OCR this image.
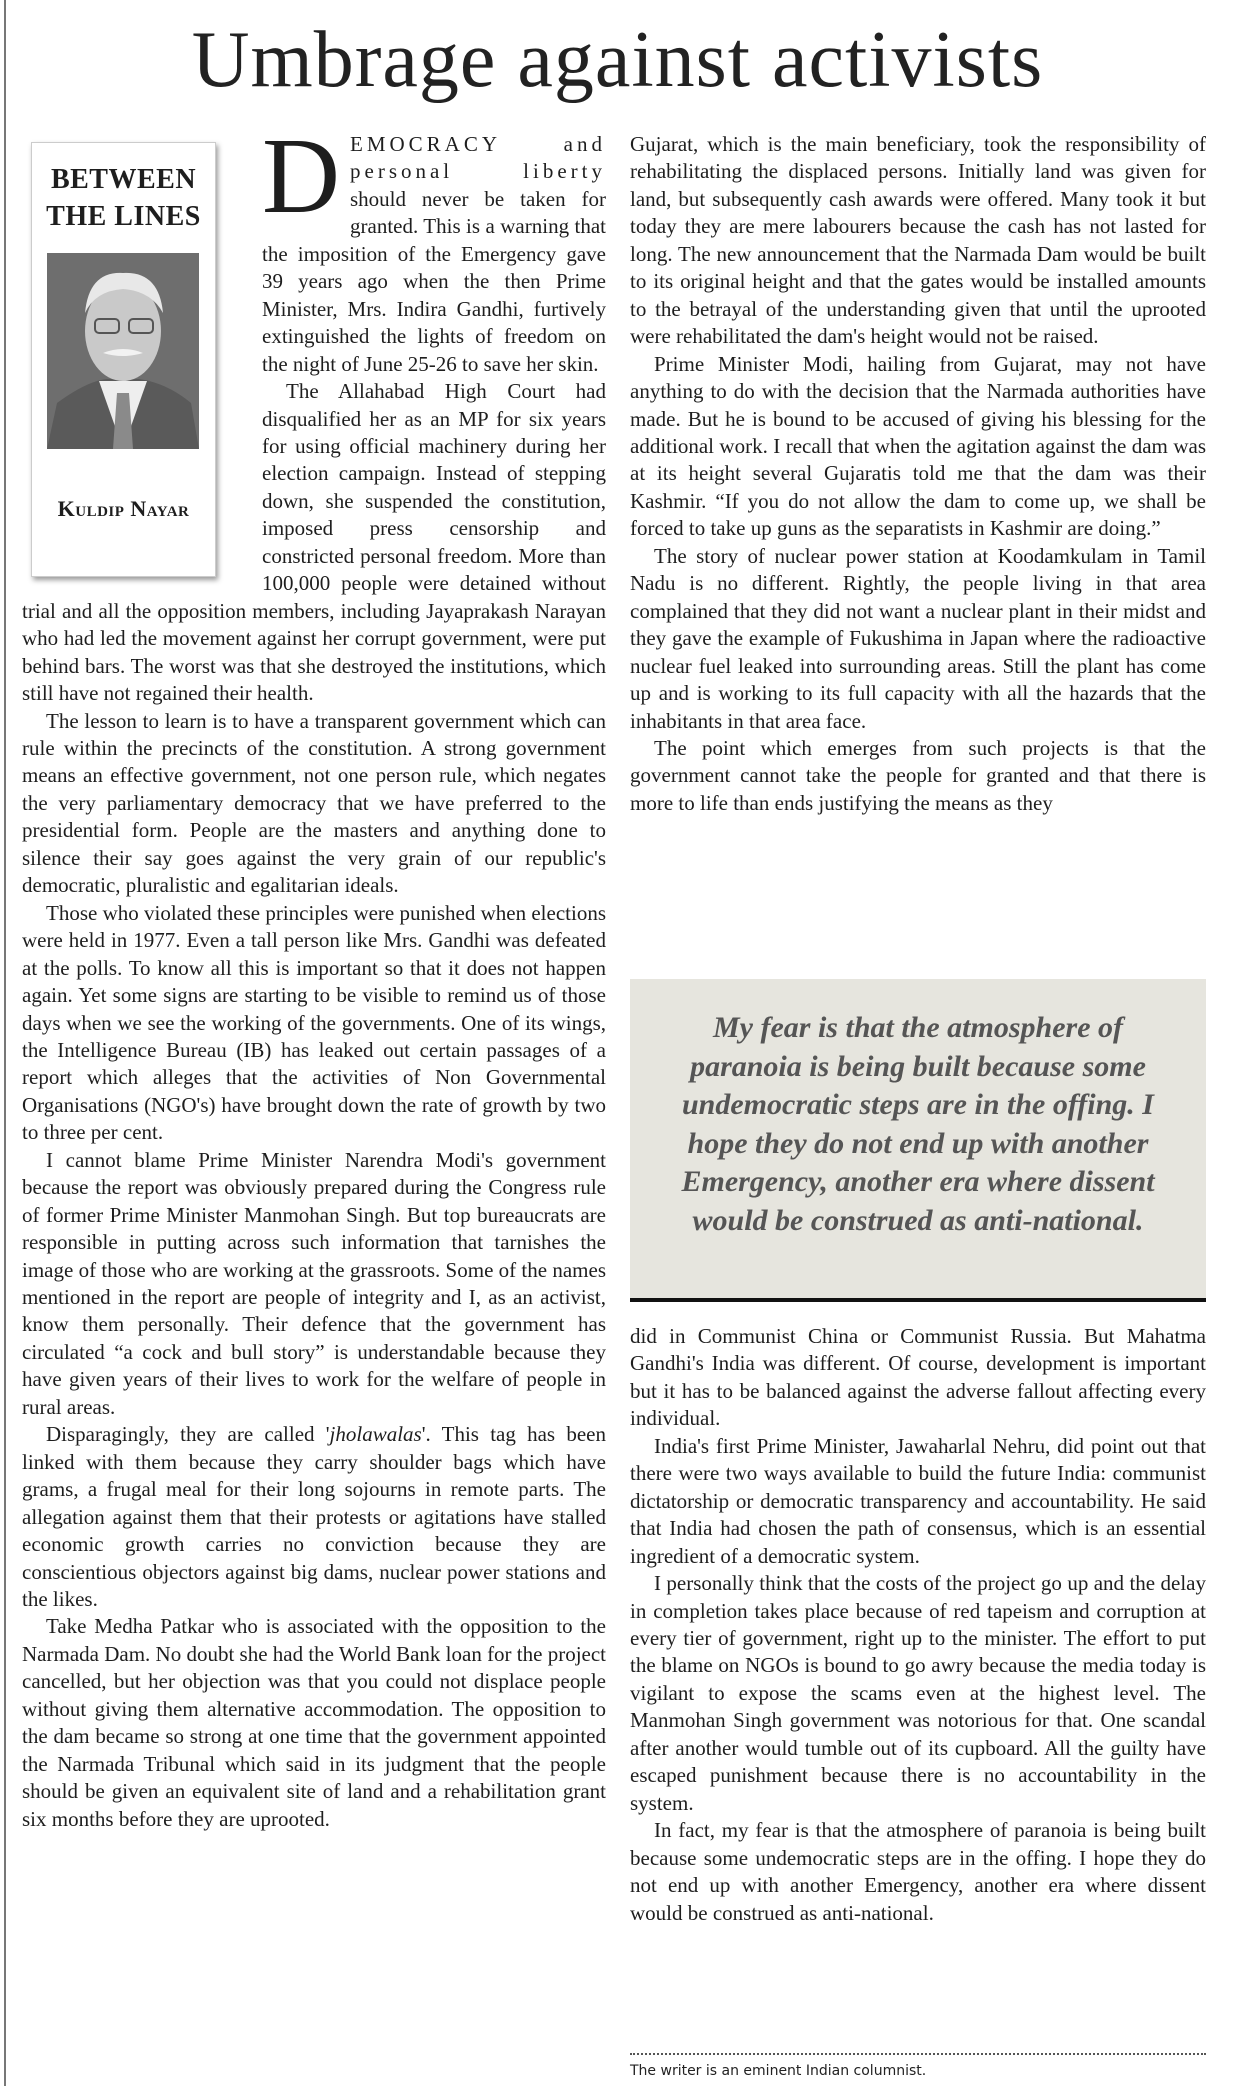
Umbrage against activists
BETWEEN
THE LINES
Kuldip Nayar

DEMOCRACY and personal liberty should never be taken for granted. This is a warning that the imposition of the Emergency gave 39 years ago when the then Prime Minister, Mrs. Indira Gandhi, furtively extinguished the lights of freedom on the night of June 25-26 to save her skin.

The Allahabad High Court had disqualified her as an MP for six years for using official machinery during her election campaign. Instead of stepping down, she suspended the constitution, imposed press censorship and constricted personal freedom. More than 100,000 people were detained without trial and all the opposition members, including Jayaprakash Narayan who had led the movement against her corrupt government, were put behind bars. The worst was that she destroyed the institutions, which still have not regained their health.

The lesson to learn is to have a transparent government which can rule within the precincts of the constitution. A strong government means an effective government, not one person rule, which negates the very parliamentary democracy that we have preferred to the presidential form. People are the masters and anything done to silence their say goes against the very grain of our republic's democratic, pluralistic and egalitarian ideals.

Those who violated these principles were punished when elections were held in 1977. Even a tall person like Mrs. Gandhi was defeated at the polls. To know all this is important so that it does not happen again. Yet some signs are starting to be visible to remind us of those days when we see the working of the governments. One of its wings, the Intelligence Bureau (IB) has leaked out certain passages of a report which alleges that the activities of Non Governmental Organisations (NGO's) have brought down the rate of growth by two to three per cent.

I cannot blame Prime Minister Narendra Modi's government because the report was obviously prepared during the Congress rule of former Prime Minister Manmohan Singh. But top bureaucrats are responsible in putting across such information that tarnishes the image of those who are working at the grassroots. Some of the names mentioned in the report are people of integrity and I, as an activist, know them personally. Their defence that the government has circulated “a cock and bull story” is understandable because they have given years of their lives to work for the welfare of people in rural areas.

Disparagingly, they are called 'jholawalas'. This tag has been linked with them because they carry shoulder bags which have grams, a frugal meal for their long sojourns in remote parts. The allegation against them that their protests or agitations have stalled economic growth carries no conviction because they are conscientious objectors against big dams, nuclear power stations and the likes.

Take Medha Patkar who is associated with the opposition to the Narmada Dam. No doubt she had the World Bank loan for the project cancelled, but her objection was that you could not displace people without giving them alternative accommodation. The opposition to the dam became so strong at one time that the government appointed the Narmada Tribunal which said in its judgment that the people should be given an equivalent site of land and a rehabilitation grant six months before they are uprooted.

Gujarat, which is the main beneficiary, took the responsibility of rehabilitating the displaced persons. Initially land was given for land, but subsequently cash awards were offered. Many took it but today they are mere labourers because the cash has not lasted for long. The new announcement that the Narmada Dam would be built to its original height and that the gates would be installed amounts to the betrayal of the understanding given that until the uprooted were rehabilitated the dam's height would not be raised.

Prime Minister Modi, hailing from Gujarat, may not have anything to do with the decision that the Narmada authorities have made. But he is bound to be accused of giving his blessing for the additional work. I recall that when the agitation against the dam was at its height several Gujaratis told me that the dam was their Kashmir. “If you do not allow the dam to come up, we shall be forced to take up guns as the separatists in Kashmir are doing.”

The story of nuclear power station at Koodamkulam in Tamil Nadu is no different. Rightly, the people living in that area complained that they did not want a nuclear plant in their midst and they gave the example of Fukushima in Japan where the radioactive nuclear fuel leaked into surrounding areas. Still the plant has come up and is working to its full capacity with all the hazards that the inhabitants in that area face.

The point which emerges from such projects is that the government cannot take the people for granted and that there is more to life than ends justifying the means as they

My fear is that the atmosphere of paranoia is being built because some undemocratic steps are in the offing. I hope they do not end up with another Emergency, another era where dissent would be construed as anti-national.

did in Communist China or Communist Russia. But Mahatma Gandhi's India was different. Of course, development is important but it has to be balanced against the adverse fallout affecting every individual.

India's first Prime Minister, Jawaharlal Nehru, did point out that there were two ways available to build the future India: communist dictatorship or democratic transparency and accountability. He said that India had chosen the path of consensus, which is an essential ingredient of a democratic system.

I personally think that the costs of the project go up and the delay in completion takes place because of red tapeism and corruption at every tier of government, right up to the minister. The effort to put the blame on NGOs is bound to go awry because the media today is vigilant to expose the scams even at the highest level. The Manmohan Singh government was notorious for that. One scandal after another would tumble out of its cupboard. All the guilty have escaped punishment because there is no accountability in the system.

In fact, my fear is that the atmosphere of paranoia is being built because some undemocratic steps are in the offing. I hope they do not end up with another Emergency, another era where dissent would be construed as anti-national.

The writer is an eminent Indian columnist.
